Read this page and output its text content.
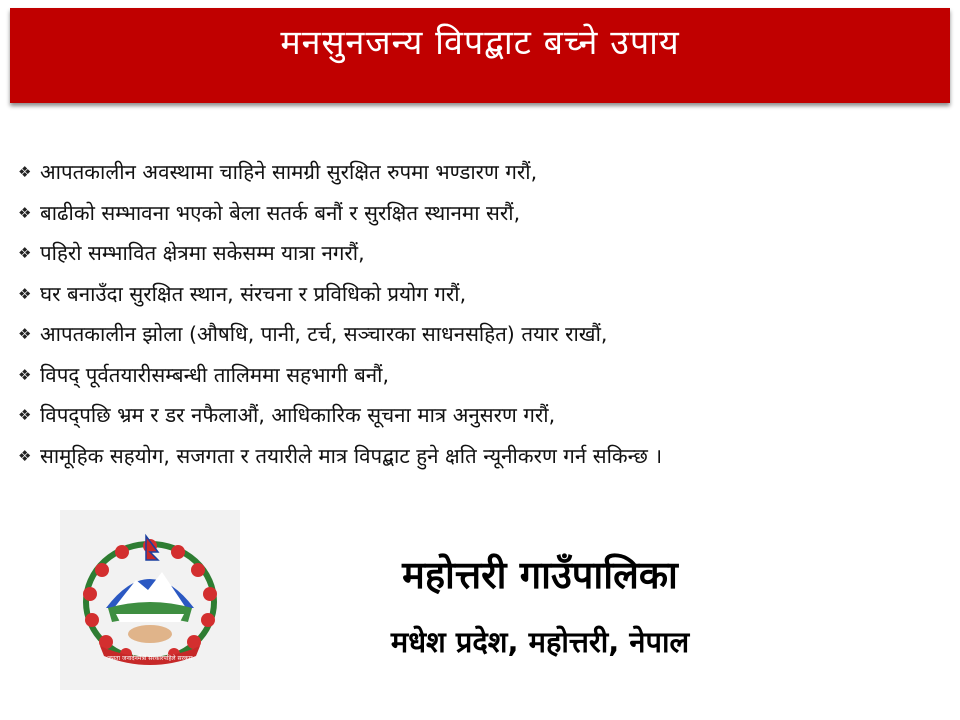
मनसुनजन्य विपद्बाट बच्ने उपाय
❖ आपतकालीन अवस्थामा चाहिने सामग्री सुरक्षित रुपमा भण्डारण गरौं,
❖ बाढीको सम्भावना भएको बेला सतर्क बनौं र सुरक्षित स्थानमा सरौं,
❖ पहिरो सम्भावित क्षेत्रमा सकेसम्म यात्रा नगरौं,
❖ घर बनाउँदा सुरक्षित स्थान, संरचना र प्रविधिको प्रयोग गरौं,
❖ आपतकालीन झोला (औषधि, पानी, टर्च, सञ्चारका साधनसहित) तयार राखौं,
❖ विपद् पूर्वतयारीसम्बन्धी तालिममा सहभागी बनौं,
❖ विपद्पछि भ्रम र डर नफैलाऔं, आधिकारिक सूचना मात्र अनुसरण गरौं,
❖ सामूहिक सहयोग, सजगता र तयारीले मात्र विपद्बाट हुने क्षति न्यूनीकरण गर्न सकिन्छ ।
जनता जनार्दनमैत्री सरकारपहिले सरकार
महोत्तरी गाउँपालिका
मधेश प्रदेश, महोत्तरी, नेपाल
